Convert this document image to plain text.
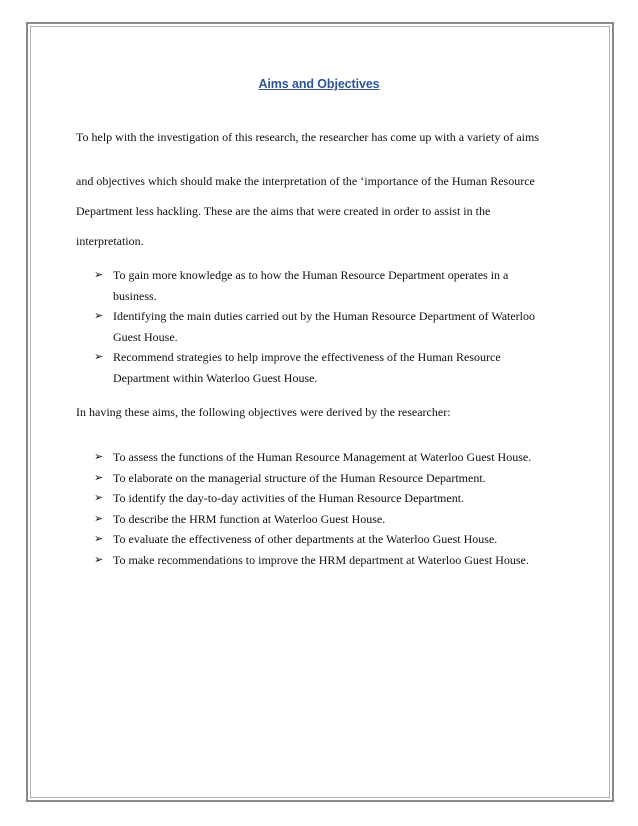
Aims and Objectives
To help with the investigation of this research, the researcher has come up with a variety of aims
and objectives which should make the interpretation of the ‘importance of the Human Resource
Department less hackling. These are the aims that were created in order to assist in the
interpretation.
➢ To gain more knowledge as to how the Human Resource Department operates in a
business.
➢ Identifying the main duties carried out by the Human Resource Department of Waterloo
Guest House.
➢ Recommend strategies to help improve the effectiveness of the Human Resource
Department within Waterloo Guest House.
In having these aims, the following objectives were derived by the researcher:
➢ To assess the functions of the Human Resource Management at Waterloo Guest House.
➢ To elaborate on the managerial structure of the Human Resource Department.
➢ To identify the day-to-day activities of the Human Resource Department.
➢ To describe the HRM function at Waterloo Guest House.
➢ To evaluate the effectiveness of other departments at the Waterloo Guest House.
➢ To make recommendations to improve the HRM department at Waterloo Guest House.
